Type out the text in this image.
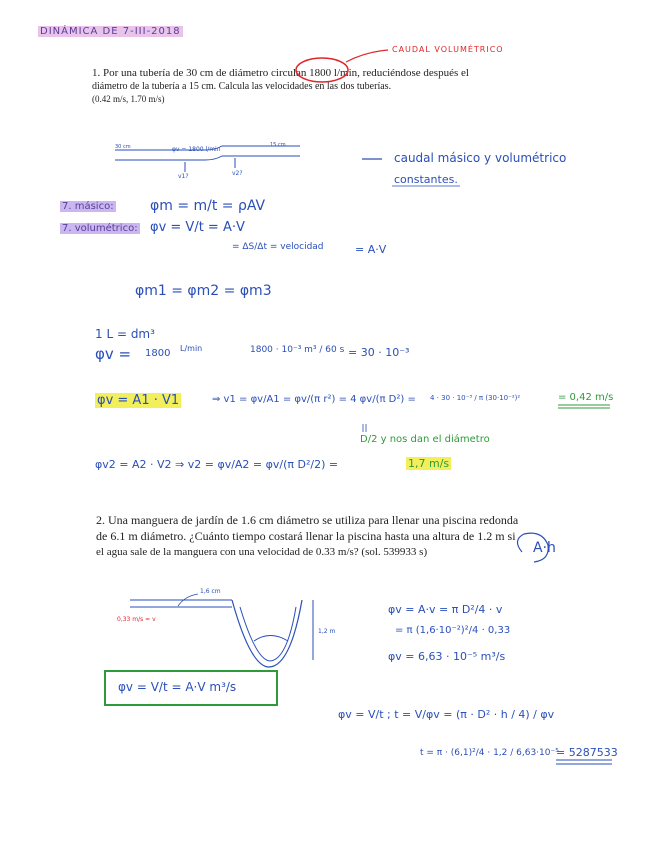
DINÁMICA DE 7-III-2018
CAUDAL VOLUMÉTRICO
1. Por una tubería de 30 cm de diámetro circulan 1800 l/min, reduciéndose después el
diámetro de la tubería a 15 cm. Calcula las velocidades en las dos tuberías.
(0.42 m/s, 1.70 m/s)
30 cm	φv = 1800 l/min
15 cm
v1?	v2?
caudal másico y volumétrico
constantes.
7. másico:	φm = m/t = ρAV
7. volumétrico: φv = V/t = A·V
= ΔS/Δt = velocidad	= A·V
φm1 = φm2 = φm3
1 L = dm³
φv = 1800 L/min	1800 · 10⁻³ m³ / 60 s = 30 · 10⁻³
φv = A1 · V1	⇒ v1 = φv/A1 = φv/(π r²) = 4 φv/(π D²) = 4 · 30 · 10⁻³ / π (30·10⁻²)²	= 0,42 m/s
D/2 y nos dan el diámetro
φv2 = A2 · V2 ⇒ v2 = φv/A2 = φv/(π D²/2) =	1,7 m/s
2. Una manguera de jardín de 1.6 cm diámetro se utiliza para llenar una piscina redonda
de 6.1 m diámetro. ¿Cuánto tiempo costará llenar la piscina hasta una altura de 1.2 m si
el agua sale de la manguera con una velocidad de 0.33 m/s? (sol. 539933 s)	A·h
1,6 cm
0,33 m/s = v
1,2 m
φv = V/t = A·V m³/s
φv = A·v = π D²/4 · v
= π (1,6·10⁻²)²/4 · 0,33
φv = 6,63 · 10⁻⁵ m³/s
φv = V/t ; t = V/φv = (π · D² · h / 4) / φv
t = π · (6,1)²/4 · 1,2 / 6,63·10⁻⁵
= 5287533
